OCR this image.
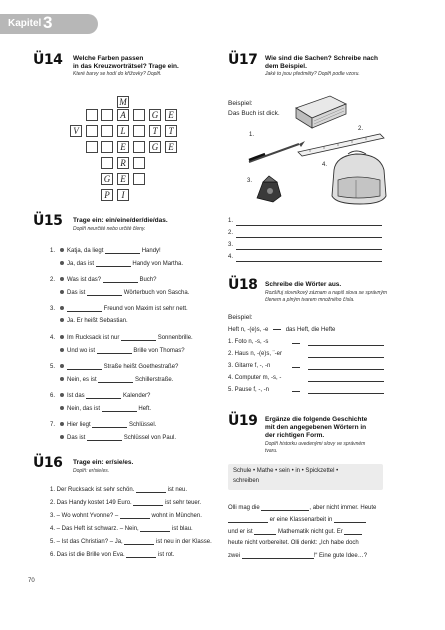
Kapitel 3
Ü14 Welche Farben passen
in das Kreuzworträtsel? Trage ein.
Které barvy se hodí do křížovky? Doplň.
M
A	G	E
V	L	T	T
E	G	E
R
G	E
P	I
Ü15 Trage ein: ein/eine/der/die/das.
Doplň neurčité nebo určité členy.
1. Katja, da liegt	Handy!
Ja, das ist	Handy von Martha.
2. Was ist das?	Buch?
Das ist	Wörterbuch von Sascha.
3.	Freund von Maxim ist sehr nett.
Ja. Er heißt Sebastian.
4. Im Rucksack ist nur	Sonnenbrille.
Und wo ist	Brille von Thomas?
5.	Straße heißt Goethestraße?
Nein, es ist	Schillerstraße.
6. Ist das	Kalender?
Nein, das ist	Heft.
7. Hier liegt	Schlüssel.
Das ist	Schlüssel von Paul.
Ü16 Trage ein: er/sie/es.
Doplň: er/sie/es.
1. Der Rucksack ist sehr schön.	ist neu.
2. Das Handy kostet 149 Euro.	ist sehr teuer.
3. – Wo wohnt Yvonne? –	wohnt in München.
4. – Das Heft ist schwarz. – Nein,	ist blau.
5. – Ist das Christian? – Ja,	ist neu in der Klasse.
6. Das ist die Brille von Eva.	ist rot.
Ü17 Wie sind die Sachen? Schreibe nach
dem Beispiel.
Jaké to jsou předměty? Doplň podle vzoru.
Beispiel:
Das Buch ist dick.
1.
2.
4.
3.
1.
2.
3.
4.
Ü18 Schreibe die Wörter aus.
Rozšiřuj slovníkový záznam a napiš slova se správným
členem a plným tvarem množného čísla.
Beispiel:
Heft n, -(e)s, -e	das Heft, die Hefte
1. Foto n, -s, -s
2. Haus n, -(e)s, ¨-er
3. Gitarre f, -, -n
4. Computer m, -s, -
5. Pause f, -, -n
Ü19 Ergänze die folgende Geschichte
mit den angegebenen Wörtern in
der richtigen Form.
Doplň historku uvedenými slovy ve správném
tvaru.
Schule • Mathe • sein • in • Spickzettel •
schreiben
Olli mag die	, aber nicht immer. Heute
er eine Klassenarbeit in
und er ist	Mathematik nicht gut. Er
heute nicht vorbereitet. Olli denkt: „Ich habe doch
zwei	!“ Eine gute Idee…?
70
